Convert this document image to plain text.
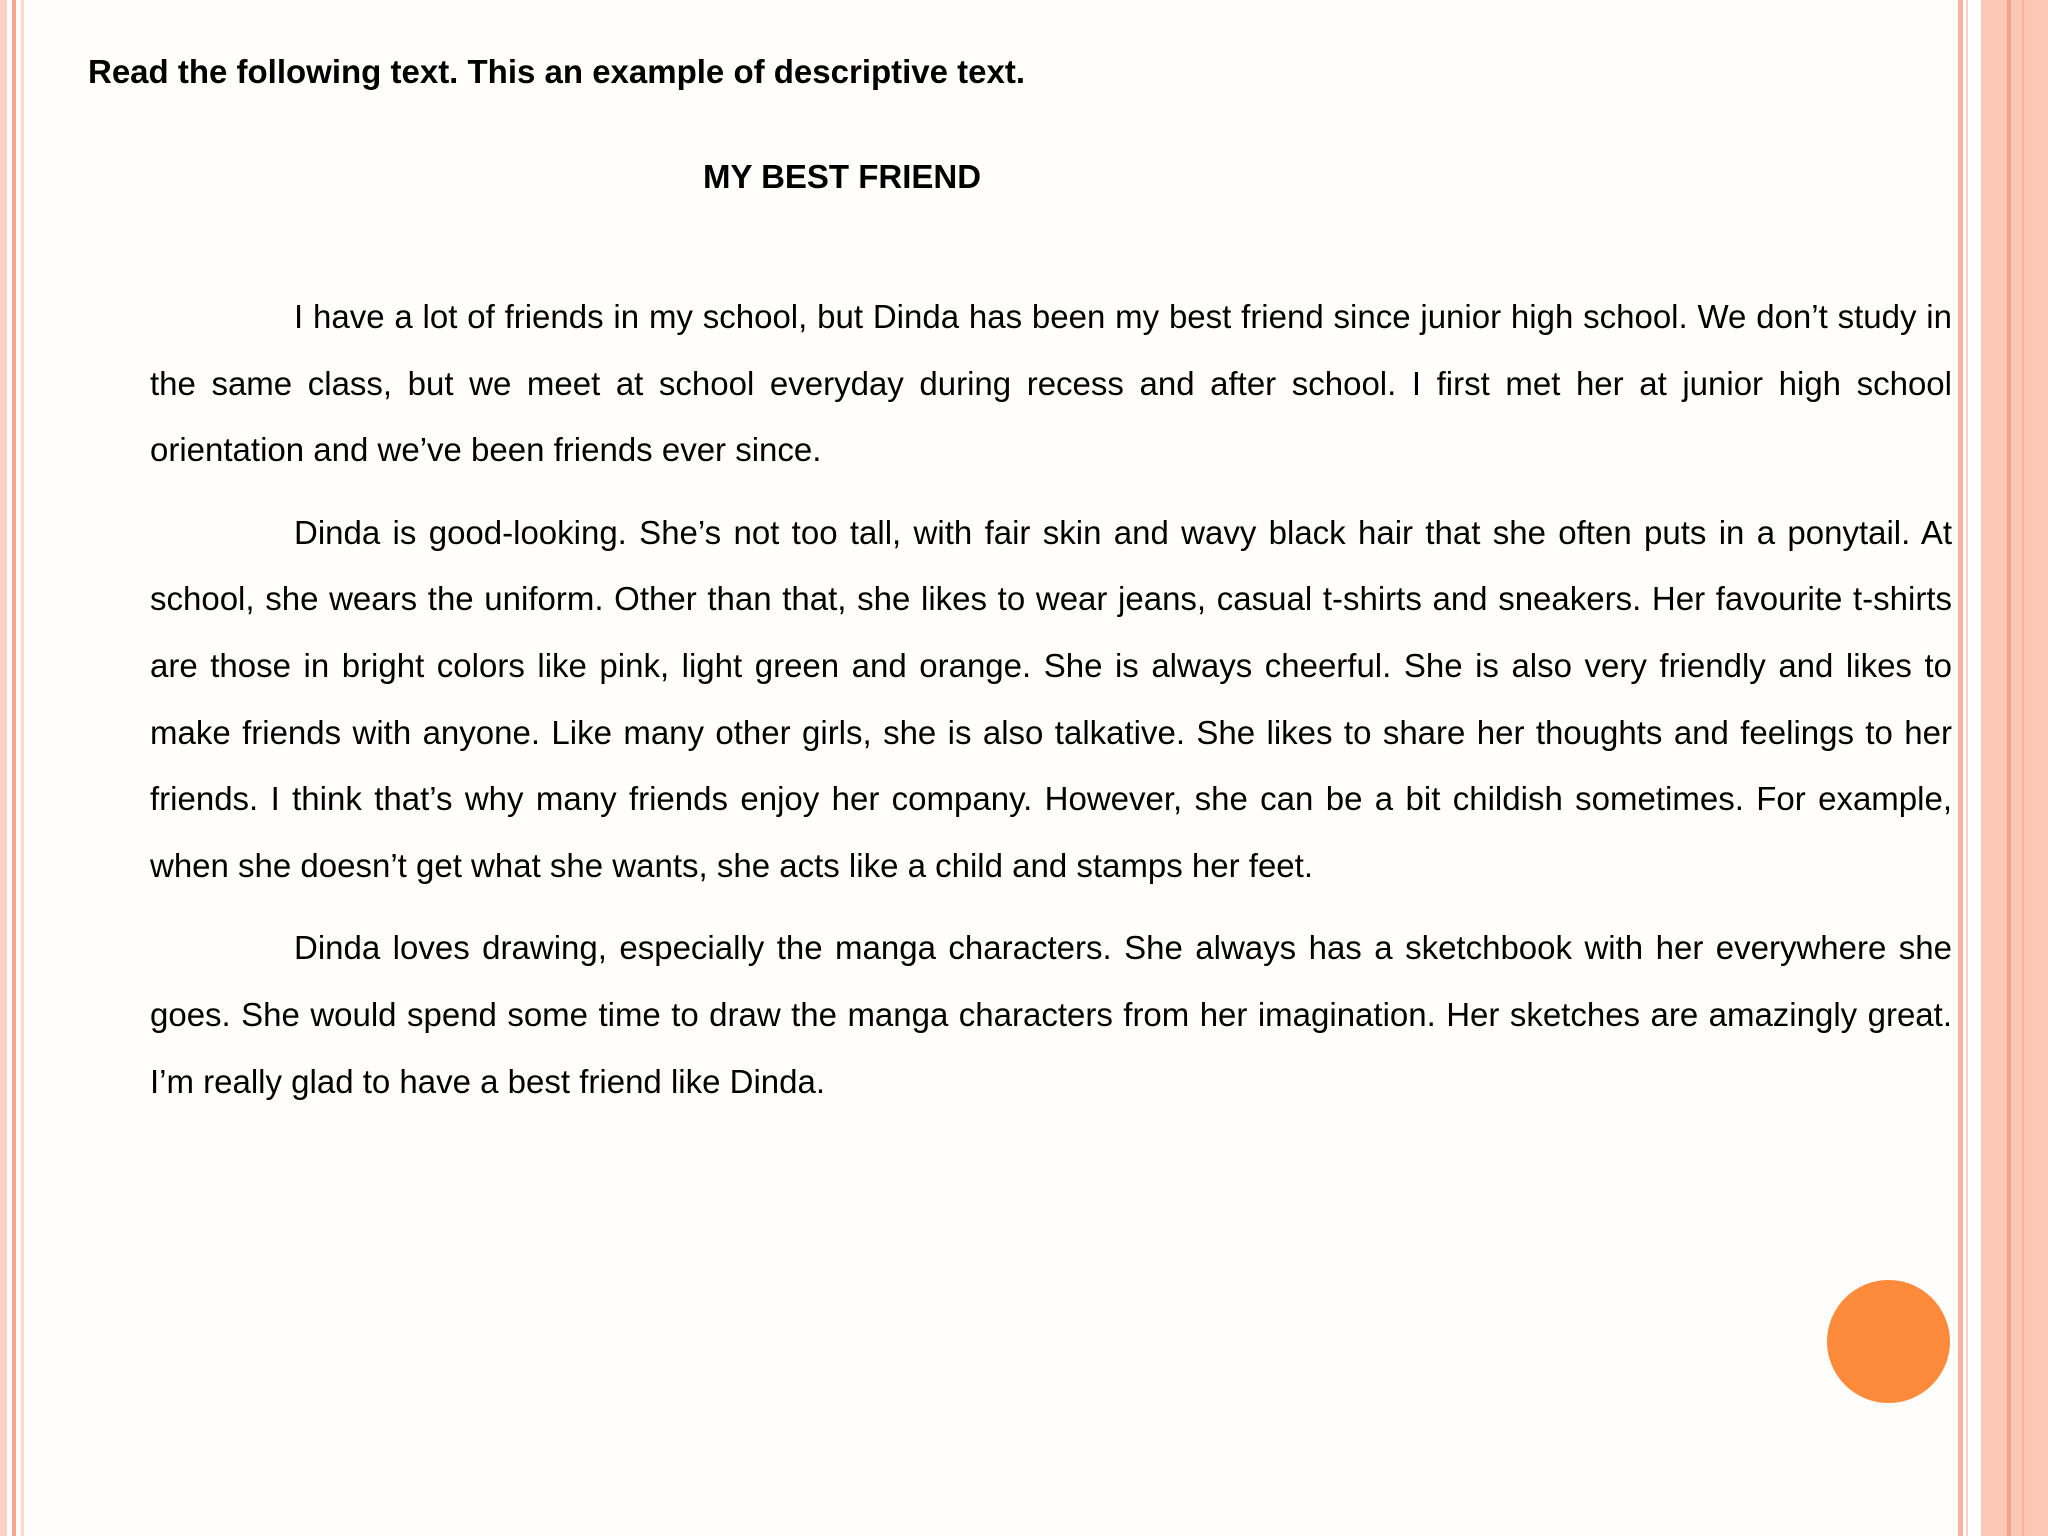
Read the following text. This an example of descriptive text.

MY BEST FRIEND

I have a lot of friends in my school, but Dinda has been my best friend since junior high school. We don’t study in the same class, but we meet at school everyday during recess and after school. I first met her at junior high school orientation and we’ve been friends ever since.

Dinda is good-looking. She’s not too tall, with fair skin and wavy black hair that she often puts in a ponytail. At school, she wears the uniform. Other than that, she likes to wear jeans, casual t-shirts and sneakers. Her favourite t-shirts are those in bright colors like pink, light green and orange. She is always cheerful. She is also very friendly and likes to make friends with anyone. Like many other girls, she is also talkative. She likes to share her thoughts and feelings to her friends. I think that’s why many friends enjoy her company. However, she can be a bit childish sometimes. For example, when she doesn’t get what she wants, she acts like a child and stamps her feet.

Dinda loves drawing, especially the manga characters. She always has a sketchbook with her everywhere she goes. She would spend some time to draw the manga characters from her imagination. Her sketches are amazingly great. I’m really glad to have a best friend like Dinda.
